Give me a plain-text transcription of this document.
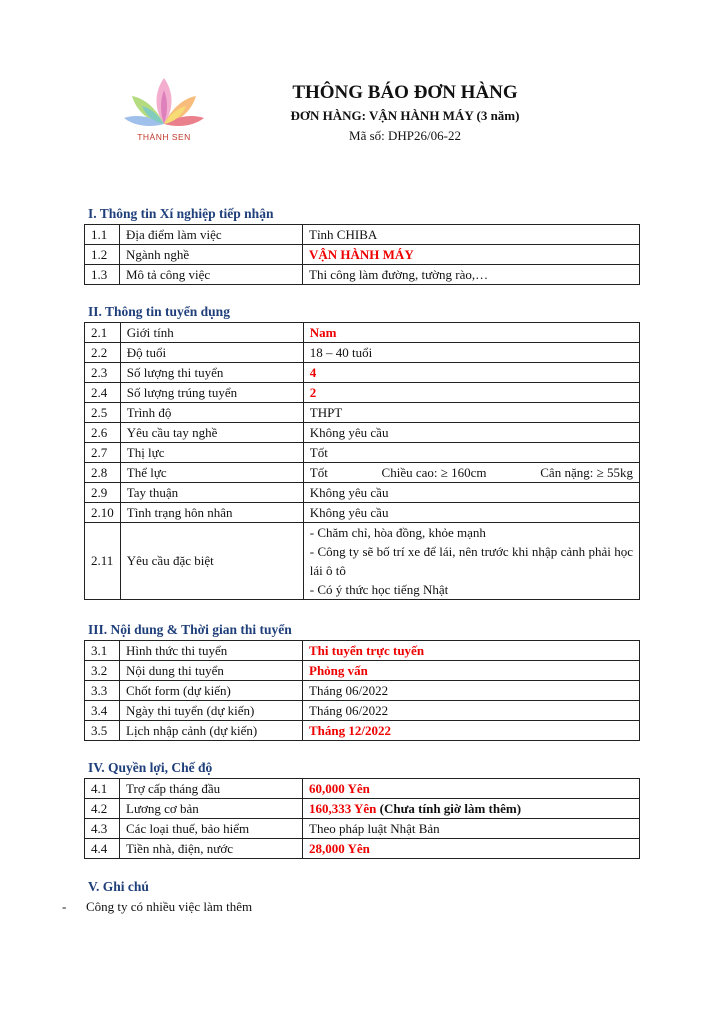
THÀNH SEN

THÔNG BÁO ĐƠN HÀNG

ĐƠN HÀNG: VẬN HÀNH MÁY (3 năm)

Mã số: DHP26/06-22

I. Thông tin Xí nghiệp tiếp nhận
1.1	Địa điểm làm việc	Tỉnh CHIBA
1.2	Ngành nghề	VẬN HÀNH MÁY
1.3	Mô tả công việc	Thi công làm đường, tường rào,…
II. Thông tin tuyển dụng
2.1	Giới tính	Nam
2.2	Độ tuổi	18 – 40 tuổi
2.3	Số lượng thi tuyển	4
2.4	Số lượng trúng tuyển	2
2.5	Trình độ	THPT
2.6	Yêu cầu tay nghề	Không yêu cầu
2.7	Thị lực	Tốt
2.8	Thể lực	Tốt Chiều cao: ≥ 160cm Cân nặng: ≥ 55kg

2.9	Tay thuận	Không yêu cầu
2.10	Tình trạng hôn nhân	Không yêu cầu
2.11	Yêu cầu đặc biệt	- Chăm chỉ, hòa đồng, khỏe mạnh
- Công ty sẽ bố trí xe để lái, nên trước khi nhập cảnh phải học lái ô tô
- Có ý thức học tiếng Nhật
III. Nội dung & Thời gian thi tuyển
3.1	Hình thức thi tuyển	Thi tuyển trực tuyến
3.2	Nội dung thi tuyển	Phỏng vấn
3.3	Chốt form (dự kiến)	Tháng 06/2022
3.4	Ngày thi tuyển (dự kiến)	Tháng 06/2022
3.5	Lịch nhập cảnh (dự kiến)	Tháng 12/2022
IV. Quyền lợi, Chế độ
4.1	Trợ cấp tháng đầu	60,000 Yên
4.2	Lương cơ bản	160,333 Yên (Chưa tính giờ làm thêm)
4.3	Các loại thuế, bảo hiểm	Theo pháp luật Nhật Bản
4.4	Tiền nhà, điện, nước	28,000 Yên
V. Ghi chú
- Công ty có nhiều việc làm thêm
